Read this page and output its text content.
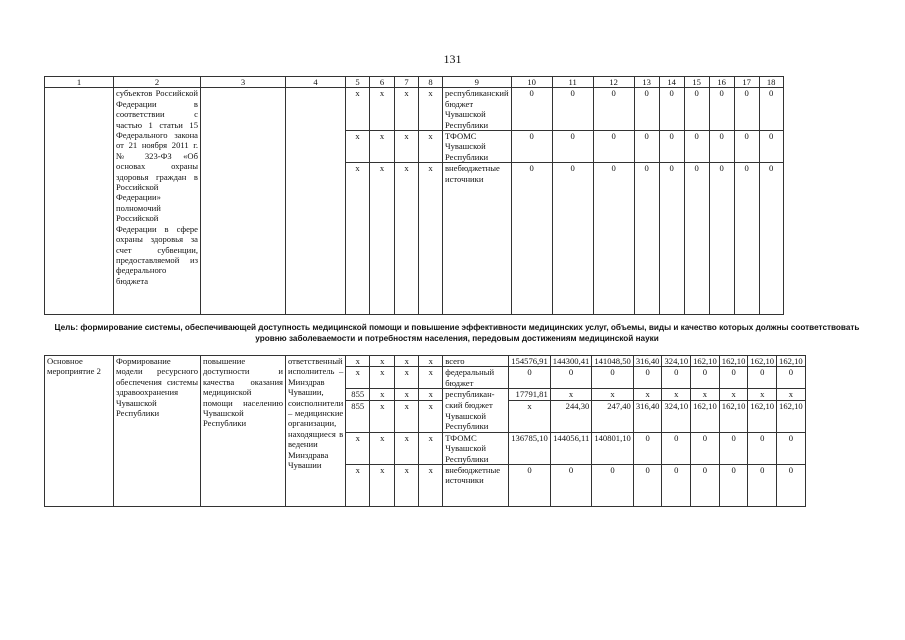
131
1	2	3	4	5	6	7	8	9	10	11	12	13	14	15	16	17	18
	субъектов Российской Федерации в соответствии с частью 1 статьи 15 Федерального закона от 21 ноября 2011 г. № 323-ФЗ «Об основах охраны здоровья граждан в Российской Федерации» полномочий Российской Федерации в сфере охраны здоровья за счет субвенции, предоставляемой из федерального бюджета			x	x	x	x	республиканский бюджет Чувашской Республики	0	0	0	0	0	0	0	0	0
				x	x	x	x	ТФОМС Чувашской Республики	0	0	0	0	0	0	0	0	0
				x	x	x	x	внебюджетные источники	0	0	0	0	0	0	0	0	0
Цель: формирование системы, обеспечивающей доступность медицинской помощи и повышение эффективности медицинских услуг, объемы, виды и качество которых должны соответствовать уровню заболеваемости и потребностям населения, передовым достижениям медицинской науки
Основное мероприятие 2	Формирование модели ресурсного обеспечения системы здравоохранения Чувашской Республики	повышение доступности и качества оказания медицинской помощи населению Чувашской Республики	ответственный исполнитель – Минздрав Чувашии, соисполнители – медицинские организации, находящиеся в ведении Минздрава Чувашии	x	x	x	x	всего	154576,91	144300,41	141048,50	316,40	324,10	162,10	162,10	162,10	162,10
				x	x	x	x	федеральный бюджет	0	0	0	0	0	0	0	0	0
				855	x	x	x	республикан-	17791,81	x	x	x	x	x	x	x	x
				855	x	x	x	ский бюджет Чувашской Республики	x	244,30	247,40	316,40	324,10	162,10	162,10	162,10	162,10
				x	x	x	x	ТФОМС Чувашской Республики	136785,10	144056,11	140801,10	0	0	0	0	0	0
				x	x	x	x	внебюджетные источники	0	0	0	0	0	0	0	0	0
